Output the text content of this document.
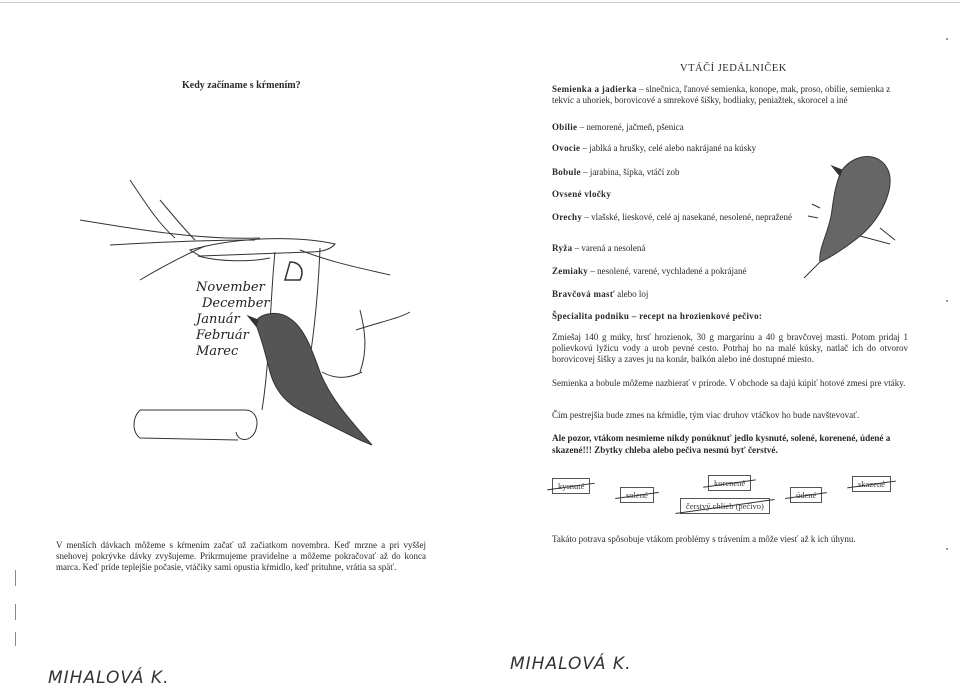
Kedy začíname s kŕmením?
November
December
Január
Február
Marec
V menších dávkach môžeme s kŕmením začať už začiatkom novembra. Keď mrzne a pri vyššej snehovej pokrývke dávky zvyšujeme. Prikrmujeme pravidelne a môžeme pokračovať až do konca marca. Keď príde teplejšie počasie, vtáčiky sami opustia kŕmidlo, keď prituhne, vrátia sa späť.
MIHALOVÁ K.
VTÁČÍ JEDÁLNIČEK
Semienka a jadierka – slnečnica, ľanové semienka, konope, mak, proso, obilie, semienka z tekvíc a uhoriek, borovicové a smrekové šišky, bodliaky, peniažtek, skorocel a iné
Obilie – nemorené, jačmeň, pšenica
Ovocie – jablká a hrušky, celé alebo nakrájané na kúsky
Bobule – jarabina, šípka, vtáčí zob
Ovsené vločky
Orechy – vlašské, lieskové, celé aj nasekané, nesolené, nepražené
Ryža – varená a nesolená
Zemiaky – nesolené, varené, vychladené a pokrájané
Bravčová masť alebo loj
Špecialita podniku – recept na hrozienkové pečivo:
Zmiešaj 140 g múky, hrsť hrozienok, 30 g margarínu a 40 g bravčovej masti. Potom pridaj 1 polievkovú lyžicu vody a urob pevné cesto. Potrhaj ho na malé kúsky, natlač ich do otvorov borovicovej šišky a zaves ju na konár, balkón alebo iné dostupné miesto.
Semienka a bobule môžeme nazbierať v prírode. V obchode sa dajú kúpiť hotové zmesi pre vtáky.
Čím pestrejšia bude zmes na kŕmidle, tým viac druhov vtáčkov ho bude navštevovať.
Ale pozor, vtákom nesmieme nikdy ponúknuť jedlo kysnuté, solené, korenené, údené a skazené!!! Zbytky chleba alebo pečiva nesmú byť čerstvé.
kysnuté
solené
korenené
údené
skazené
čerstvý chlieb (pečivo)
Takáto potrava spôsobuje vtákom problémy s trávením a môže viesť až k ich úhynu.
MIHALOVÁ K.
